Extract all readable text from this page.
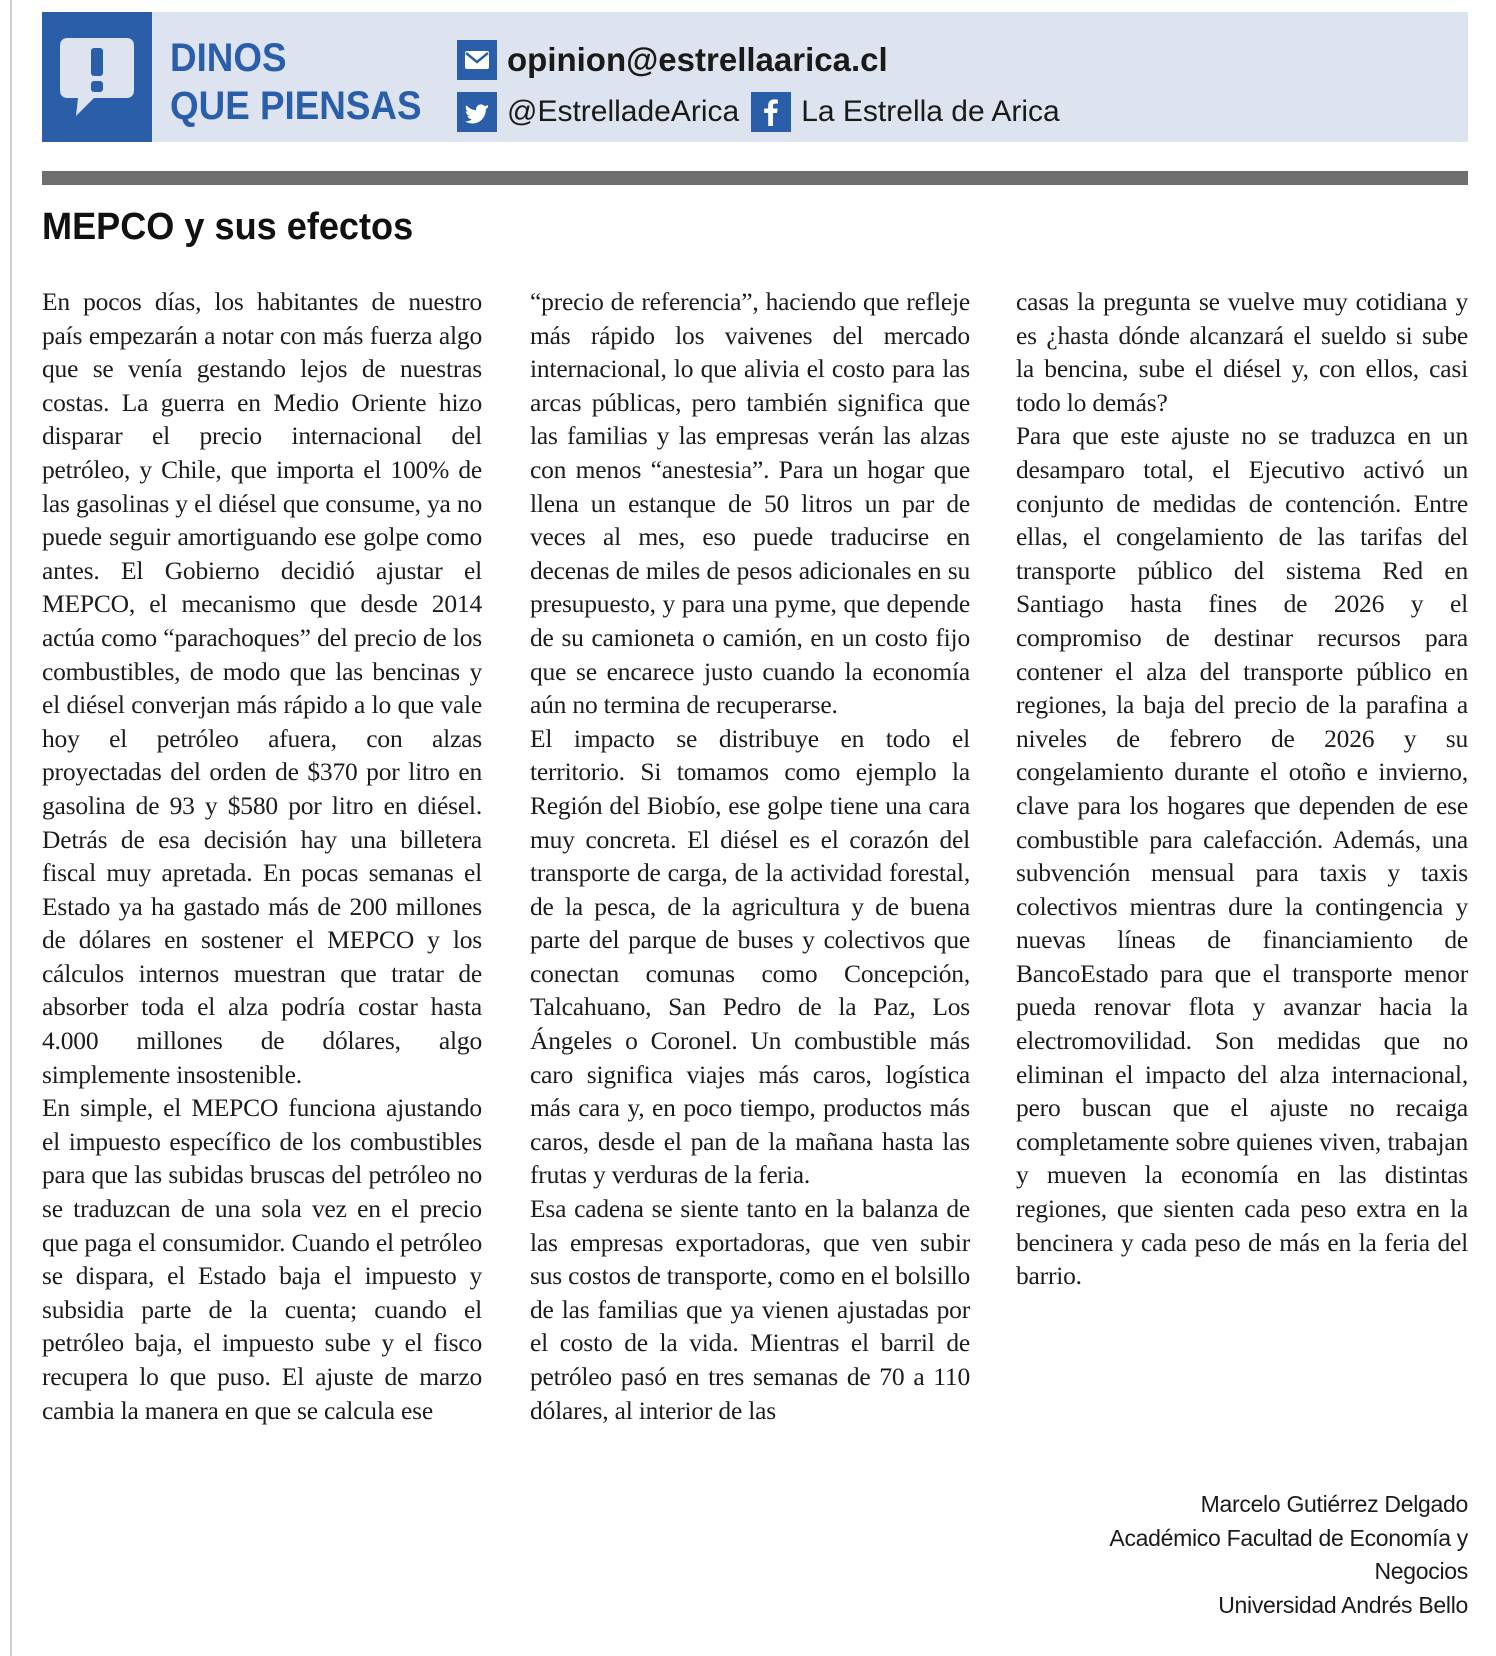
DINOS
QUE PIENSAS
opinion@estrellaarica.cl
@EstrelladeArica La Estrella de Arica
MEPCO y sus efectos

En pocos días, los habitantes de nuestro país empezarán a notar con más fuerza algo que se venía gestando lejos de nuestras costas. La guerra en Medio Oriente hizo disparar el precio internacional del petróleo, y Chile, que importa el 100% de las gasolinas y el diésel que consume, ya no puede seguir amortiguando ese golpe como antes. El Gobierno decidió ajustar el MEPCO, el mecanismo que desde 2014 actúa como “parachoques” del precio de los combustibles, de modo que las bencinas y el diésel converjan más rápido a lo que vale hoy el petróleo afuera, con alzas proyectadas del orden de $370 por litro en gasolina de 93 y $580 por litro en diésel. Detrás de esa decisión hay una billetera fiscal muy apretada. En pocas semanas el Estado ya ha gastado más de 200 millones de dólares en sostener el MEPCO y los cálculos internos muestran que tratar de absorber toda el alza podría costar hasta 4.000 millones de dólares, algo simplemente insostenible.

En simple, el MEPCO funciona ajustando el impuesto específico de los combustibles para que las subidas bruscas del petróleo no se traduzcan de una sola vez en el precio que paga el consumidor. Cuando el petróleo se dispara, el Estado baja el impuesto y subsidia parte de la cuenta; cuando el petróleo baja, el impuesto sube y el fisco recupera lo que puso. El ajuste de marzo cambia la manera en que se calcula ese

“precio de referencia”, haciendo que refleje más rápido los vaivenes del mercado internacional, lo que alivia el costo para las arcas públicas, pero también significa que las familias y las empresas verán las alzas con menos “anestesia”. Para un hogar que llena un estanque de 50 litros un par de veces al mes, eso puede traducirse en decenas de miles de pesos adicionales en su presupuesto, y para una pyme, que depende de su camioneta o camión, en un costo fijo que se encarece justo cuando la economía aún no termina de recuperarse.

El impacto se distribuye en todo el territorio. Si tomamos como ejemplo la Región del Biobío, ese golpe tiene una cara muy concreta. El diésel es el corazón del transporte de carga, de la actividad forestal, de la pesca, de la agricultura y de buena parte del parque de buses y colectivos que conectan comunas como Concepción, Talcahuano, San Pedro de la Paz, Los Ángeles o Coronel. Un combustible más caro significa viajes más caros, logística más cara y, en poco tiempo, productos más caros, desde el pan de la mañana hasta las frutas y verduras de la feria.

Esa cadena se siente tanto en la balanza de las empresas exportadoras, que ven subir sus costos de transporte, como en el bolsillo de las familias que ya vienen ajustadas por el costo de la vida. Mientras el barril de petróleo pasó en tres semanas de 70 a 110 dólares, al interior de las

casas la pregunta se vuelve muy cotidiana y es ¿hasta dónde alcanzará el sueldo si sube la bencina, sube el diésel y, con ellos, casi todo lo demás?

Para que este ajuste no se traduzca en un desamparo total, el Ejecutivo activó un conjunto de medidas de contención. Entre ellas, el congelamiento de las tarifas del transporte público del sistema Red en Santiago hasta fines de 2026 y el compromiso de destinar recursos para contener el alza del transporte público en regiones, la baja del precio de la parafina a niveles de febrero de 2026 y su congelamiento durante el otoño e invierno, clave para los hogares que dependen de ese combustible para calefacción. Además, una subvención mensual para taxis y taxis colectivos mientras dure la contingencia y nuevas líneas de financiamiento de BancoEstado para que el transporte menor pueda renovar flota y avanzar hacia la electromovilidad. Son medidas que no eliminan el impacto del alza internacional, pero buscan que el ajuste no recaiga completamente sobre quienes viven, trabajan y mueven la economía en las distintas regiones, que sienten cada peso extra en la bencinera y cada peso de más en la feria del barrio.

Marcelo Gutiérrez Delgado
Académico Facultad de Economía y
Negocios
Universidad Andrés Bello
